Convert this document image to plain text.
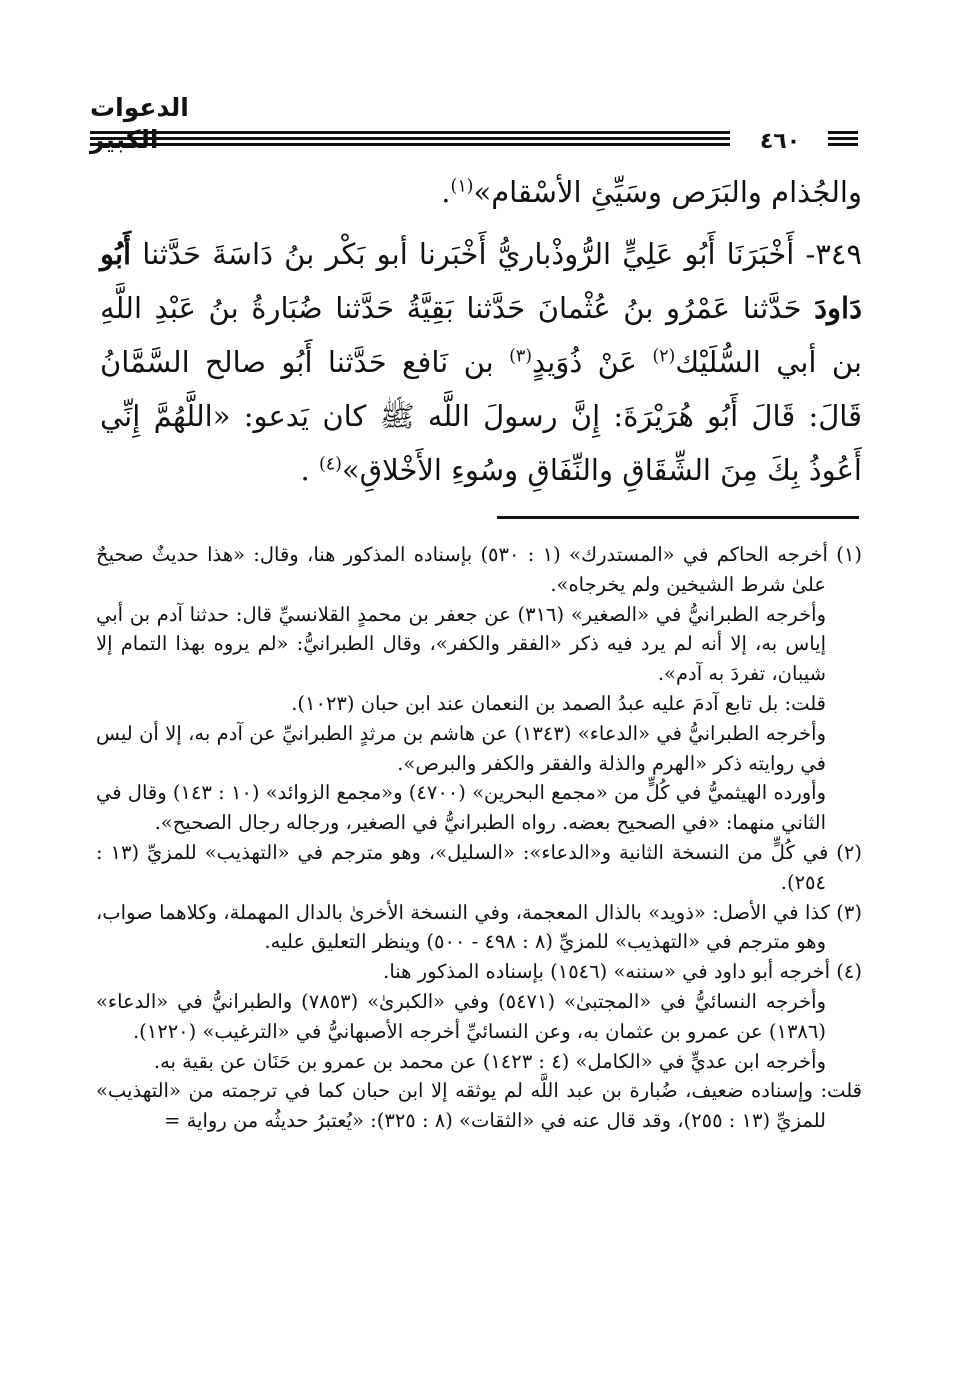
الدعوات
٤٦٠

والجُذام والبَرَص وسَيِّئِ الأسْقام»$^{(١)}$.

٣٤٩- أَخْبَرَنَا أَبُو عَلِيٍّ الرُّوذْباريُّ أَخْبَرنا أبو بَكْر بنُ دَاسَةَ حَدَّثنا أَبُو دَاودَ حَدَّثنا عَمْرُو بنُ عُثْمانَ حَدَّثنا بَقِيَّةُ حَدَّثنا ضُبَارةُ بنُ عَبْدِ اللَّهِ بن أبي السُّلَيْك$^{(٢)}$ عَنْ ذُوَيدٍ$^{(٣)}$ بن نَافع حَدَّثنا أَبُو صالح السَّمَّانُ قَالَ: قَالَ أَبُو هُرَيْرَةَ: إِنَّ رسولَ اللَّه ﷺ كان يَدعو: «اللَّهُمَّ إِنِّي أَعُوذُ بِكَ مِنَ الشِّقَاقِ والنِّفَاقِ وسُوءِ الأَخْلاقِ»$^{(٤)}$ .

(١) أخرجه الحاكم في «المستدرك» (١ : ٥٣٠) بإسناده المذكور هنا، وقال: «هذا حديثٌ صحيحٌ علىٰ شرط الشيخين ولم يخرجاه».

وأخرجه الطبرانيُّ في «الصغير» (٣١٦) عن جعفر بن محمدٍ القلانسيِّ قال: حدثنا آدم بن أبي إياس به، إلا أنه لم يرد فيه ذكر «الفقر والكفر»، وقال الطبرانيُّ: «لم يروه بهذا التمام إلا شيبان، تفردَ به آدم».

قلت: بل تابع آدمَ عليه عبدُ الصمد بن النعمان عند ابن حبان (١٠٢٣).

وأخرجه الطبرانيُّ في «الدعاء» (١٣٤٣) عن هاشم بن مرثدٍ الطبرانيِّ عن آدم به، إلا أن ليس في روايته ذكر «الهرم والذلة والفقر والكفر والبرص».

وأورده الهيثميُّ في كُلٍّ من «مجمع البحرين» (٤٧٠٠) و«مجمع الزوائد» (١٠ : ١٤٣) وقال في الثاني منهما: «في الصحيح بعضه. رواه الطبرانيُّ في الصغير، ورجاله رجال الصحيح».

(٢) في كُلٍّ من النسخة الثانية و«الدعاء»: «السليل»، وهو مترجم في «التهذيب» للمزيِّ (١٣ : ٢٥٤).

(٣) كذا في الأصل: «ذويد» بالذال المعجمة، وفي النسخة الأخرىٰ بالدال المهملة، وكلاهما صواب، وهو مترجم في «التهذيب» للمزيِّ (٨ : ٤٩٨ - ٥٠٠) وينظر التعليق عليه.

(٤) أخرجه أبو داود في «سننه» (١٥٤٦) بإسناده المذكور هنا.

وأخرجه النسائيُّ في «المجتبىٰ» (٥٤٧١) وفي «الكبرىٰ» (٧٨٥٣) والطبرانيُّ في «الدعاء» (١٣٨٦) عن عمرو بن عثمان به، وعن النسائيِّ أخرجه الأصبهانيُّ في «الترغيب» (١٢٢٠).

وأخرجه ابن عديٍّ في «الكامل» (٤ : ١٤٢٣) عن محمد بن عمرو بن حَنَان عن بقية به.

قلت: وإسناده ضعيف، ضُبارة بن عبد اللَّه لم يوثقه إلا ابن حبان كما في ترجمته من «التهذيب» للمزيِّ (١٣ : ٢٥٥)، وقد قال عنه في «الثقات» (٨ : ٣٢٥): «يُعتبرُ حديثُه من رواية =
